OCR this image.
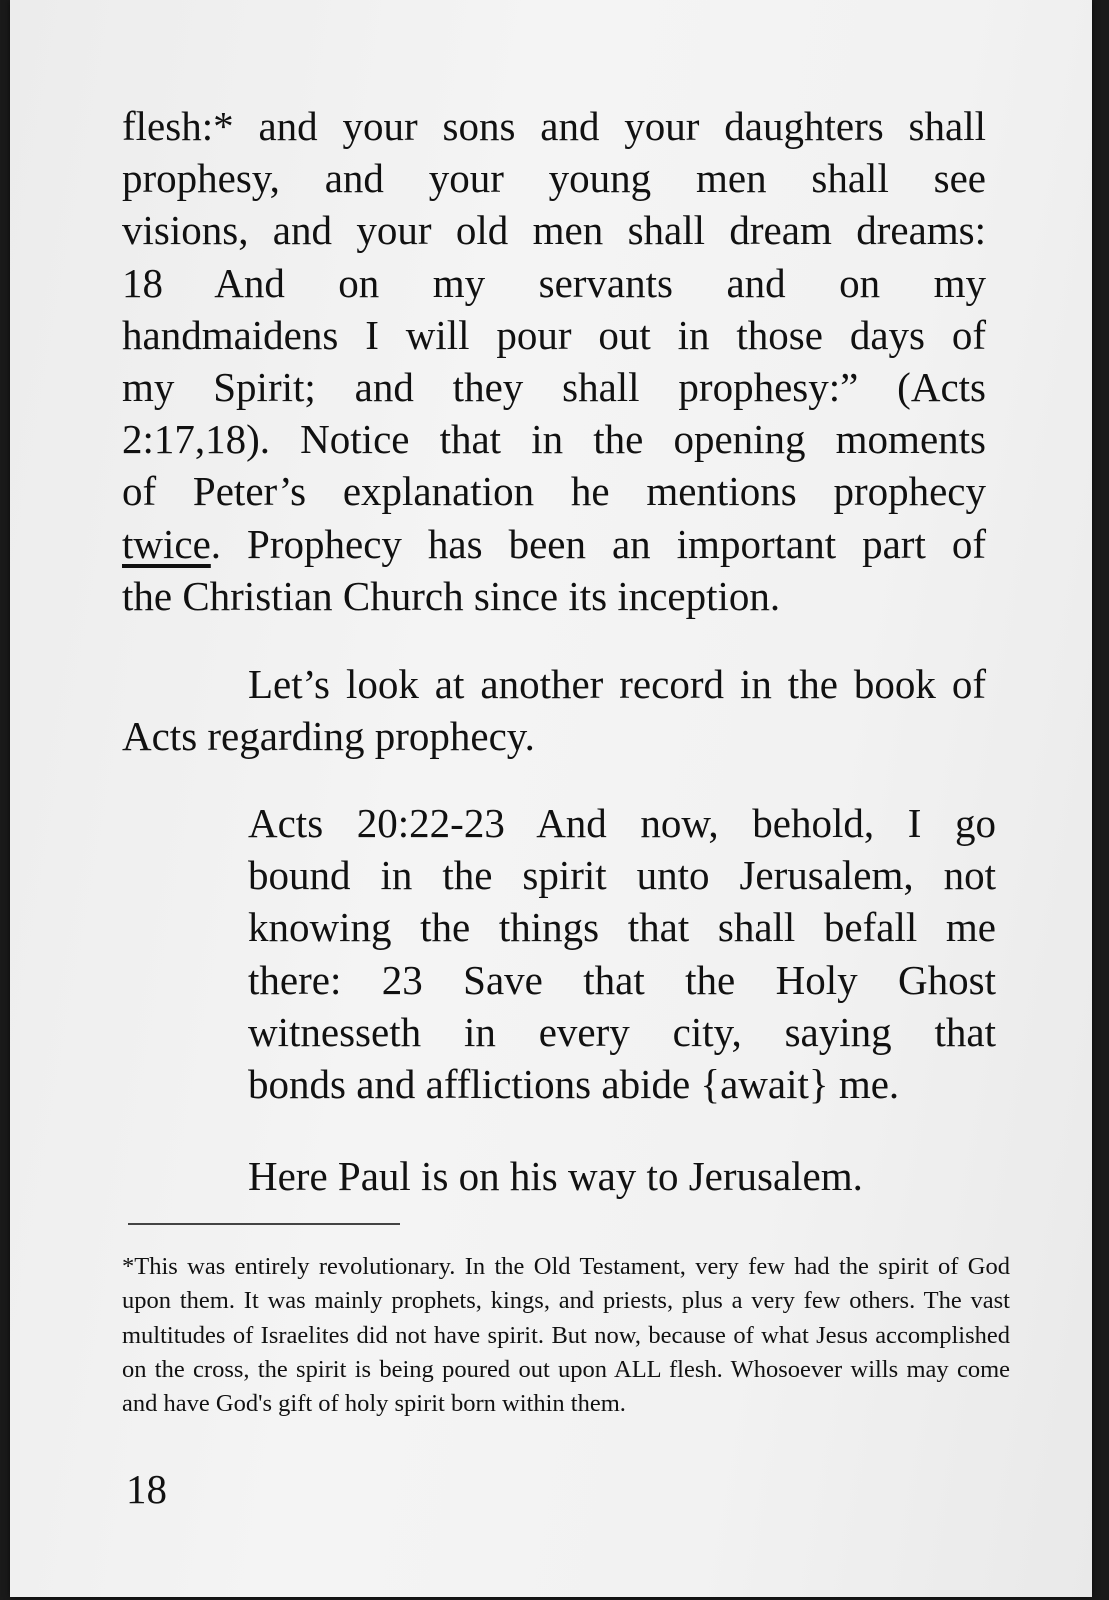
flesh:* and your sons and your daughters shall
prophesy, and your young men shall see
visions, and your old men shall dream dreams:
18 And on my servants and on my
handmaidens I will pour out in those days of
my Spirit; and they shall prophesy:” (Acts
2:17,18). Notice that in the opening moments
of Peter’s explanation he mentions prophecy
twice. Prophecy has been an important part of
the Christian Church since its inception.

Let’s look at another record in the book of Acts regarding prophecy.

Acts 20:22-23 And now, behold, I go
bound in the spirit unto Jerusalem, not
knowing the things that shall befall me
there: 23 Save that the Holy Ghost
witnesseth in every city, saying that
bonds and afflictions abide {await} me.

Here Paul is on his way to Jerusalem.

*This was entirely revolutionary. In the Old Testament, very few had the spirit of God upon them. It was mainly prophets, kings, and priests, plus a very few others. The vast multitudes of Israelites did not have spirit. But now, because of what Jesus accomplished on the cross, the spirit is being poured out upon ALL flesh. Whosoever wills may come and have God's gift of holy spirit born within them.

18
